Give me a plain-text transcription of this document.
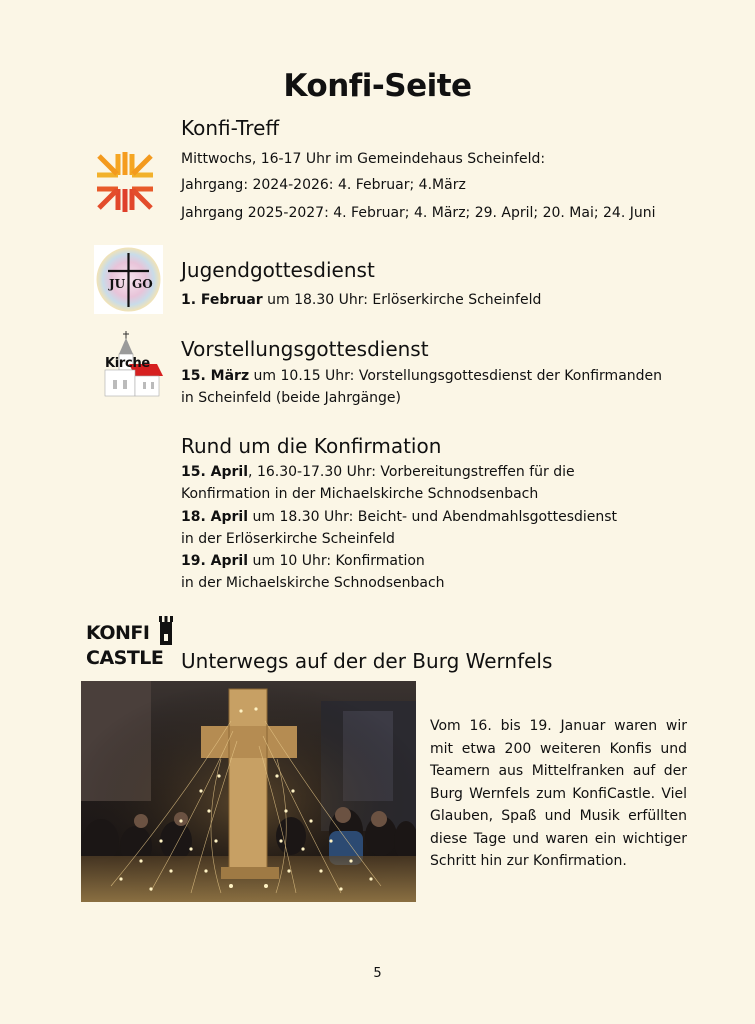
Konfi-Seite
Konfi-Treff
Mittwochs, 16-17 Uhr im Gemeindehaus Scheinfeld:
Jahrgang: 2024-2026: 4. Februar; 4.März
Jahrgang 2025-2027: 4. Februar; 4. März; 29. April; 20. Mai; 24. Juni
JU GO
Jugendgottesdienst
1. Februar um 18.30 Uhr: Erlöserkirche Scheinfeld
Kirche
Vorstellungsgottesdienst
15. März um 10.15 Uhr: Vorstellungsgottesdienst der Konfirmanden
in Scheinfeld (beide Jahrgänge)
Rund um die Konfirmation
15. April, 16.30-17.30 Uhr: Vorbereitungstreffen für die
Konfirmation in der Michaelskirche Schnodsenbach
18. April um 18.30 Uhr: Beicht- und Abendmahlsgottesdienst
in der Erlöserkirche Scheinfeld
19. April um 10 Uhr: Konfirmation
in der Michaelskirche Schnodsenbach
KONFI
CASTLE Unterwegs auf der der Burg Wernfels
Vom 16. bis 19. Januar waren wir mit etwa 200 weiteren Konfis und Teamern aus Mittelfranken auf der Burg Wernfels zum KonfiCastle. Viel Glauben, Spaß und Musik erfüllten diese Tage und waren ein wichtiger Schritt hin zur Konfirmation.
5
